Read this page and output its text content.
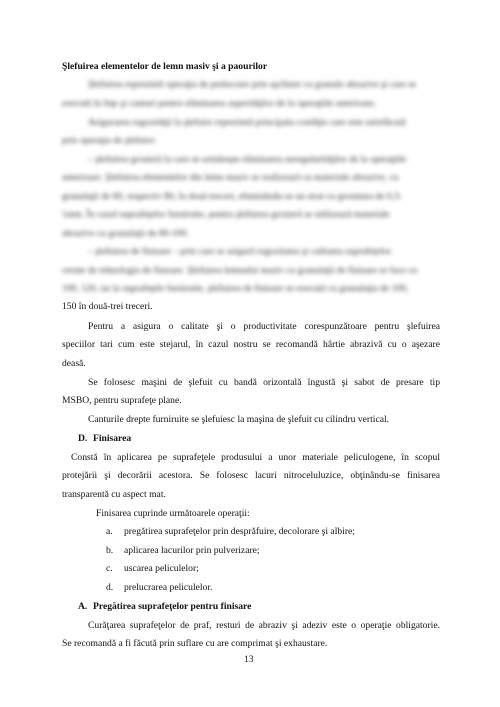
Şlefuirea elementelor de lemn masiv şi a paourilor
Şlefuirea reprezintă operaţia de prelucrare prin aşchiere cu granule abrazive şi care se
execută în feţe şi canturi pentru eliminarea asperităţilor de la operaţiile anterioare.
Asigurarea rugozităţii la şlefuire reprezintă principala condiţie care este satisfăcută
prin operaţia de şlefuire:
– şlefuirea grosieră la care se urmăreşte eliminarea neregularităţilor de la operaţiile
anterioare. Şlefuirea elementelor din lemn masiv se realizează cu materiale abrazive, cu
granulaţii de 60, respectiv 80, în două treceri, eliminându-se un strat cu grosimea de 0,3-
1mm. În cazul suprafeţelor furniruite, pentru şlefuirea grosieră se utilizează materiale
abrazive cu granulaţii de 80-100.
– şlefuirea de finisare – prin care se asigură rugozitatea şi calitatea suprafeţelor
cerute de tehnologia de finisare. Şlefuirea lemnului masiv cu granulaţii de finisare se face cu
100, 120, iar la suprafeţele furniruite, şlefuirea de finisare se execută cu granulaţia de 100,
150 în două-trei treceri.
Pentru a asigura o calitate şi o productivitate corespunzătoare pentru şlefuirea
speciilor tari cum este stejarul, în cazul nostru se recomandă hârtie abrazivă cu o aşezare
deasă.
Se folosesc maşini de şlefuit cu bandă orizontală îngustă şi sabot de presare tip
MSBO, pentru suprafeţe plane.
Canturile drepte furniruite se şlefuiesc la maşina de şlefuit cu cilindru vertical.
D. Finisarea
Constă în aplicarea pe suprafeţele produsului a unor materiale peliculogene, în scopul
protejării şi decorării acestora. Se folosesc lacuri nitroceluluzice, obţinându-se finisarea
transparentă cu aspect mat.
Finisarea cuprinde următoarele operaţii:
a. pregătirea suprafeţelor prin desprăfuire, decolorare şi albire;
b. aplicarea lacurilor prin pulverizare;
c. uscarea peliculelor;
d. prelucrarea peliculelor.
A. Pregătirea suprafeţelor pentru finisare
Curăţarea suprafeţelor de praf, resturi de abraziv şi adeziv este o operaţie obligatorie.
Se recomandă a fi făcută prin suflare cu are comprimat şi exhaustare.
13
